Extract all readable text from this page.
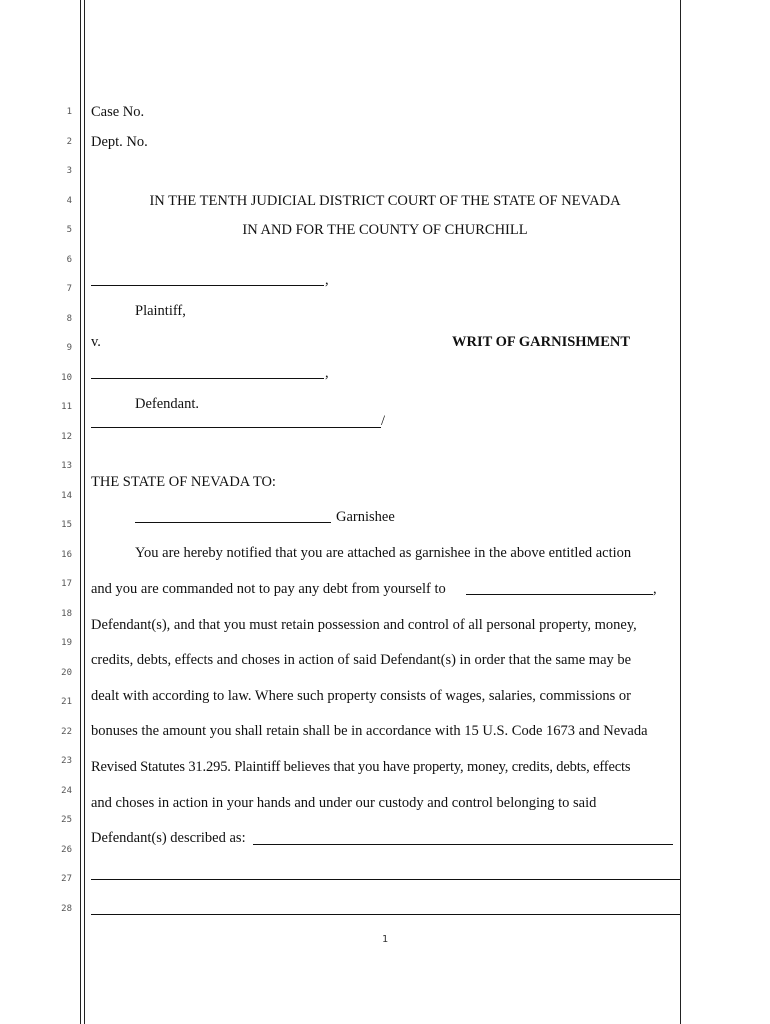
1
2
3
4
5
6
7
8
9
10
11
12
13
14
15
16
17
18
19
20
21
22
23
24
25
26
27
28
Case No.
Dept. No.
IN THE TENTH JUDICIAL DISTRICT COURT OF THE STATE OF NEVADA
IN AND FOR THE COUNTY OF CHURCHILL
,
Plaintiff,
v.	WRIT OF GARNISHMENT
,
Defendant.
/
THE STATE OF NEVADA TO:
Garnishee
You are hereby notified that you are attached as garnishee in the above entitled action
and you are commanded not to pay any debt from yourself to	,
Defendant(s), and that you must retain possession and control of all personal property, money,
credits, debts, effects and choses in action of said Defendant(s) in order that the same may be
dealt with according to law. Where such property consists of wages, salaries, commissions or
bonuses the amount you shall retain shall be in accordance with 15 U.S. Code 1673 and Nevada
Revised Statutes 31.295. Plaintiff believes that you have property, money, credits, debts, effects
and choses in action in your hands and under our custody and control belonging to said
Defendant(s) described as:
1
